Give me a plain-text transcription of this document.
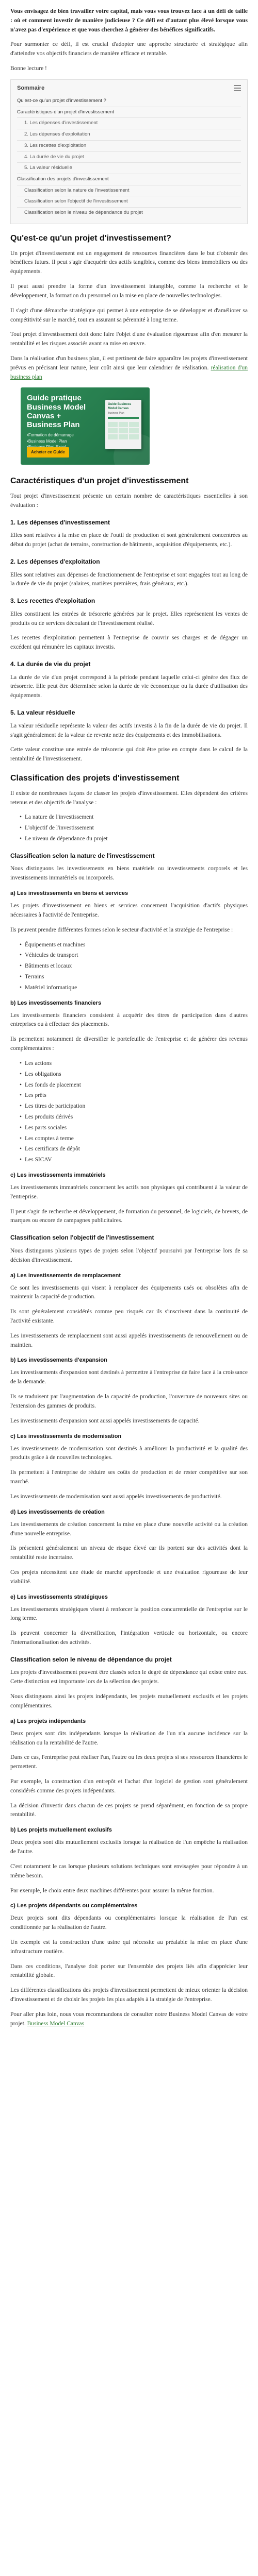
Vous envisagez de bien travailler votre capital, mais vous vous trouvez face à un défi de taille : où et comment investir de manière judicieuse ? Ce défi est d'autant plus élevé lorsque vous n'avez pas d'expérience et que vous cherchez à générer des bénéfices significatifs.

Pour surmonter ce défi, il est crucial d'adopter une approche structurée et stratégique afin d'atteindre vos objectifs financiers de manière efficace et rentable.

Bonne lecture !

Sommaire
Qu'est-ce qu'un projet d'investissement ?
Caractéristiques d'un projet d'investissement
1. Les dépenses d'investissement
2. Les dépenses d'exploitation
3. Les recettes d'exploitation
4. La durée de vie du projet
5. La valeur résiduelle
Classification des projets d'investissement
Classification selon la nature de l'investissement
Classification selon l'objectif de l'investissement
Classification selon le niveau de dépendance du projet
Qu'est-ce qu'un projet d'investissement?

Un projet d'investissement est un engagement de ressources financières dans le but d'obtenir des bénéfices futurs. Il peut s'agir d'acquérir des actifs tangibles, comme des biens immobiliers ou des équipements.

Il peut aussi prendre la forme d'un investissement intangible, comme la recherche et le développement, la formation du personnel ou la mise en place de nouvelles technologies.

Il s'agit d'une démarche stratégique qui permet à une entreprise de se développer et d'améliorer sa compétitivité sur le marché, tout en assurant sa pérennité à long terme.

Tout projet d'investissement doit donc faire l'objet d'une évaluation rigoureuse afin d'en mesurer la rentabilité et les risques associés avant sa mise en œuvre.

Dans la réalisation d'un business plan, il est pertinent de faire apparaître les projets d'investissement prévus en précisant leur nature, leur coût ainsi que leur calendrier de réalisation. réalisation d'un business plan

Guide pratique Business Model Canvas + Business Plan
• Formation de démarrage
• Business Model Plan
•
Acheter ce Guide
Guide Business Model Canvas
Business Plan
Caractéristiques d'un projet d'investissement

Tout projet d'investissement présente un certain nombre de caractéristiques essentielles à son évaluation :

1. Les dépenses d'investissement

Elles sont relatives à la mise en place de l'outil de production et sont généralement concentrées au début du projet (achat de terrains, construction de bâtiments, acquisition d'équipements, etc.).

2. Les dépenses d'exploitation

Elles sont relatives aux dépenses de fonctionnement de l'entreprise et sont engagées tout au long de la durée de vie du projet (salaires, matières premières, frais généraux, etc.).

3. Les recettes d'exploitation

Elles constituent les entrées de trésorerie générées par le projet. Elles représentent les ventes de produits ou de services découlant de l'investissement réalisé.

Les recettes d'exploitation permettent à l'entreprise de couvrir ses charges et de dégager un excédent qui rémunère les capitaux investis.

4. La durée de vie du projet

La durée de vie d'un projet correspond à la période pendant laquelle celui-ci génère des flux de trésorerie. Elle peut être déterminée selon la durée de vie économique ou la durée d'utilisation des équipements.

5. La valeur résiduelle

La valeur résiduelle représente la valeur des actifs investis à la fin de la durée de vie du projet. Il s'agit généralement de la valeur de revente nette des équipements et des immobilisations.

Cette valeur constitue une entrée de trésorerie qui doit être prise en compte dans le calcul de la rentabilité de l'investissement.

Classification des projets d'investissement

Il existe de nombreuses façons de classer les projets d'investissement. Elles dépendent des critères retenus et des objectifs de l'analyse :

• La nature de l'investissement
• L'objectif de l'investissement
• Le niveau de dépendance du projet
Classification selon la nature de l'investissement

Nous distinguons les investissements en biens matériels ou investissements corporels et les investissements immatériels ou incorporels.

a) Les investissements en biens et services

Les projets d'investissement en biens et services concernent l'acquisition d'actifs physiques nécessaires à l'activité de l'entreprise.

Ils peuvent prendre différentes formes selon le secteur d'activité et la stratégie de l'entreprise :

• Équipements et machines
• Véhicules de transport
• Bâtiments et locaux
• Terrains
• Matériel informatique
b) Les investissements financiers

Les investissements financiers consistent à acquérir des titres de participation dans d'autres entreprises ou à effectuer des placements.

Ils permettent notamment de diversifier le portefeuille de l'entreprise et de générer des revenus complémentaires :

• Les actions
• Les obligations
• Les fonds de placement
• Les prêts
• Les titres de participation
• Les produits dérivés
• Les parts sociales
• Les comptes à terme
• Les certificats de dépôt
• Les SICAV
c) Les investissements immatériels

Les investissements immatériels concernent les actifs non physiques qui contribuent à la valeur de l'entreprise.

Il peut s'agir de recherche et développement, de formation du personnel, de logiciels, de brevets, de marques ou encore de campagnes publicitaires.

Classification selon l'objectif de l'investissement

Nous distinguons plusieurs types de projets selon l'objectif poursuivi par l'entreprise lors de sa décision d'investissement.

a) Les investissements de remplacement

Ce sont les investissements qui visent à remplacer des équipements usés ou obsolètes afin de maintenir la capacité de production.

Ils sont généralement considérés comme peu risqués car ils s'inscrivent dans la continuité de l'activité existante.

Les investissements de remplacement sont aussi appelés investissements de renouvellement ou de maintien.

b) Les investissements d'expansion

Les investissements d'expansion sont destinés à permettre à l'entreprise de faire face à la croissance de la demande.

Ils se traduisent par l'augmentation de la capacité de production, l'ouverture de nouveaux sites ou l'extension des gammes de produits.

Les investissements d'expansion sont aussi appelés investissements de capacité.

c) Les investissements de modernisation

Les investissements de modernisation sont destinés à améliorer la productivité et la qualité des produits grâce à de nouvelles technologies.

Ils permettent à l'entreprise de réduire ses coûts de production et de rester compétitive sur son marché.

Les investissements de modernisation sont aussi appelés investissements de productivité.

d) Les investissements de création

Les investissements de création concernent la mise en place d'une nouvelle activité ou la création d'une nouvelle entreprise.

Ils présentent généralement un niveau de risque élevé car ils portent sur des activités dont la rentabilité reste incertaine.

Ces projets nécessitent une étude de marché approfondie et une évaluation rigoureuse de leur viabilité.

e) Les investissements stratégiques

Les investissements stratégiques visent à renforcer la position concurrentielle de l'entreprise sur le long terme.

Ils peuvent concerner la diversification, l'intégration verticale ou horizontale, ou encore l'internationalisation des activités.

Classification selon le niveau de dépendance du projet

Les projets d'investissement peuvent être classés selon le degré de dépendance qui existe entre eux. Cette distinction est importante lors de la sélection des projets.

Nous distinguons ainsi les projets indépendants, les projets mutuellement exclusifs et les projets complémentaires.

a) Les projets indépendants

Deux projets sont dits indépendants lorsque la réalisation de l'un n'a aucune incidence sur la réalisation ou la rentabilité de l'autre.

Dans ce cas, l'entreprise peut réaliser l'un, l'autre ou les deux projets si ses ressources financières le permettent.

Par exemple, la construction d'un entrepôt et l'achat d'un logiciel de gestion sont généralement considérés comme des projets indépendants.

La décision d'investir dans chacun de ces projets se prend séparément, en fonction de sa propre rentabilité.

b) Les projets mutuellement exclusifs

Deux projets sont dits mutuellement exclusifs lorsque la réalisation de l'un empêche la réalisation de l'autre.

C'est notamment le cas lorsque plusieurs solutions techniques sont envisagées pour répondre à un même besoin.

Par exemple, le choix entre deux machines différentes pour assurer la même fonction.

c) Les projets dépendants ou complémentaires

Deux projets sont dits dépendants ou complémentaires lorsque la réalisation de l'un est conditionnée par la réalisation de l'autre.

Un exemple est la construction d'une usine qui nécessite au préalable la mise en place d'une infrastructure routière.

Dans ces conditions, l'analyse doit porter sur l'ensemble des projets liés afin d'apprécier leur rentabilité globale.

Les différentes classifications des projets d'investissement permettent de mieux orienter la décision d'investissement et de choisir les projets les plus adaptés à la stratégie de l'entreprise.

Pour aller plus loin, nous vous recommandons de consulter notre Business Model Canvas de votre projet. Business Model Canvas
